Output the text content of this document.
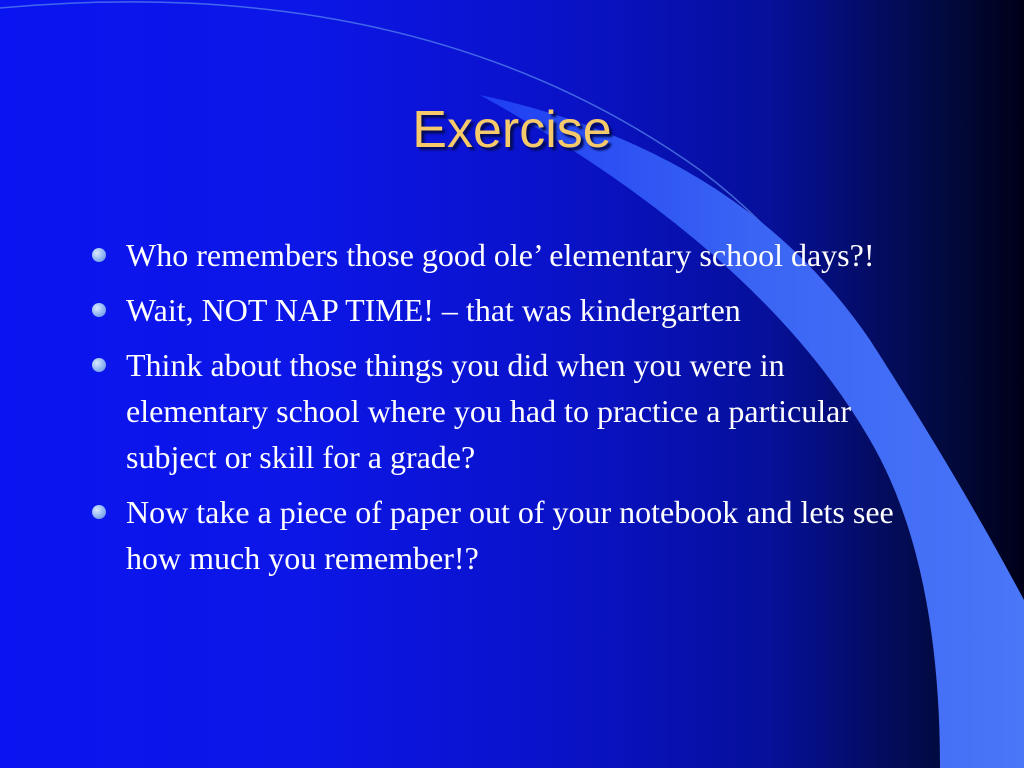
Exercise
Who remembers those good ole’ elementary school days?!
Wait, NOT NAP TIME! – that was kindergarten
Think about those things you did when you were in elementary school where you had to practice a particular subject or skill for a grade?
Now take a piece of paper out of your notebook and lets see how much you remember!?
